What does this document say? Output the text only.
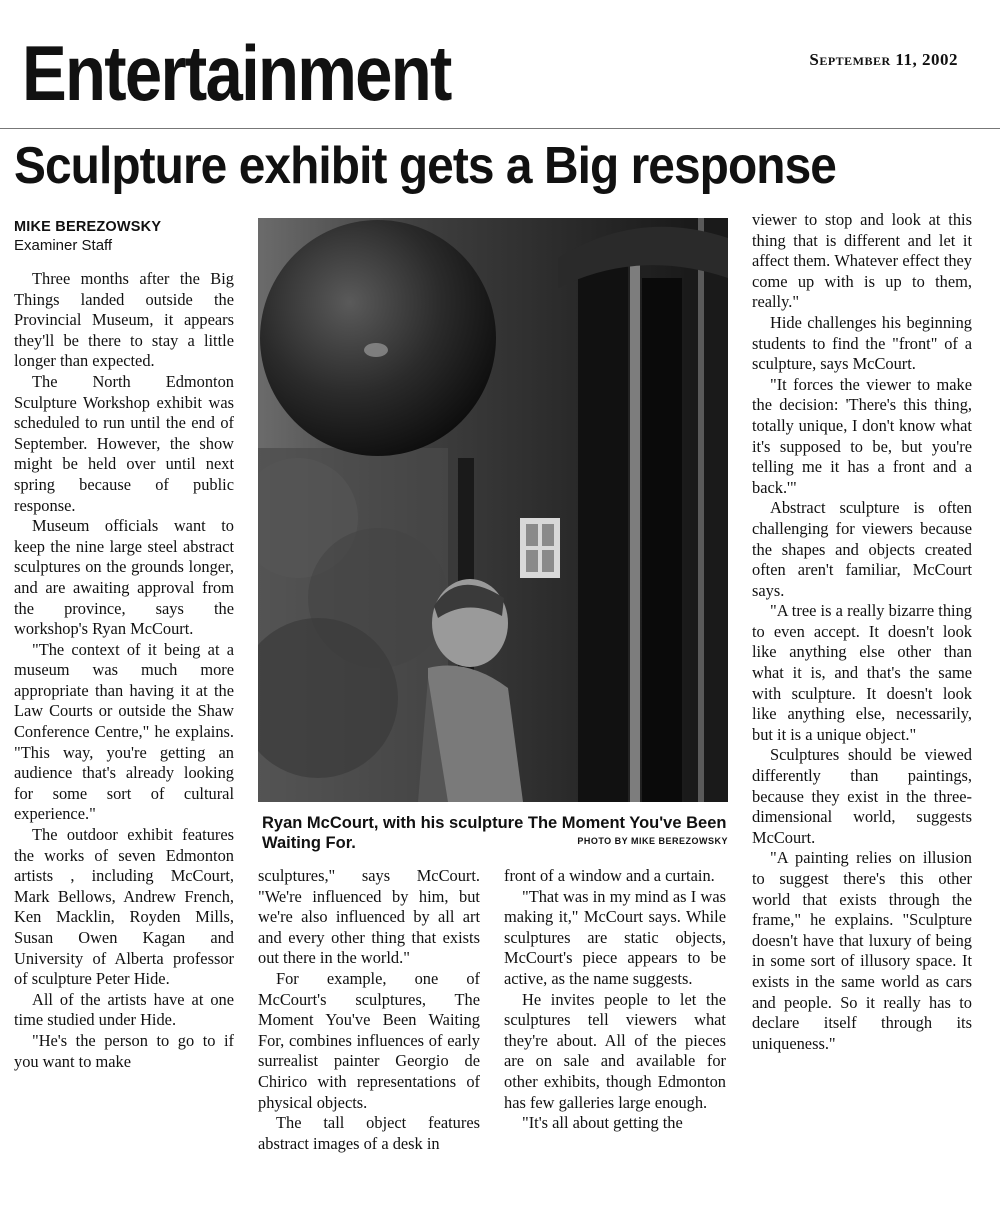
Entertainment	September 11, 2002
Sculpture exhibit gets a Big response
MIKE BEREZOWSKY
Examiner Staff

Three months after the Big Things landed outside the Provincial Museum, it appears they'll be there to stay a little longer than expected.

The North Edmonton Sculpture Workshop exhibit was scheduled to run until the end of September. However, the show might be held over until next spring because of public response.

Museum officials want to keep the nine large steel abstract sculptures on the grounds longer, and are awaiting approval from the province, says the workshop's Ryan McCourt.

"The context of it being at a museum was much more appropriate than having it at the Law Courts or outside the Shaw Conference Centre," he explains. "This way, you're getting an audience that's already looking for some sort of cultural experience."

The outdoor exhibit features the works of seven Edmonton artists , including McCourt, Mark Bellows, Andrew French, Ken Macklin, Royden Mills, Susan Owen Kagan and University of Alberta professor of sculpture Peter Hide.

All of the artists have at one time studied under Hide.

"He's the person to go to if you want to make

Ryan McCourt, with his sculpture The Moment You've Been Waiting For.	PHOTO BY MIKE BEREZOWSKY

sculptures," says McCourt. "We're influenced by him, but we're also influenced by all art and every other thing that exists out there in the world."

For example, one of McCourt's sculptures, The Moment You've Been Waiting For, combines influences of early surrealist painter Georgio de Chirico with representations of physical objects.

The tall object features abstract images of a desk in

front of a window and a curtain.

"That was in my mind as I was making it," McCourt says. While sculptures are static objects, McCourt's piece appears to be active, as the name suggests.

He invites people to let the sculptures tell viewers what they're about. All of the pieces are on sale and available for other exhibits, though Edmonton has few galleries large enough.

"It's all about getting the

viewer to stop and look at this thing that is different and let it affect them. Whatever effect they come up with is up to them, really."

Hide challenges his beginning students to find the "front" of a sculpture, says McCourt.

"It forces the viewer to make the decision: 'There's this thing, totally unique, I don't know what it's supposed to be, but you're telling me it has a front and a back.'"

Abstract sculpture is often challenging for viewers because the shapes and objects created often aren't familiar, McCourt says.

"A tree is a really bizarre thing to even accept. It doesn't look like anything else other than what it is, and that's the same with sculpture. It doesn't look like anything else, necessarily, but it is a unique object."

Sculptures should be viewed differently than paintings, because they exist in the three-dimensional world, suggests McCourt.

"A painting relies on illusion to suggest there's this other world that exists through the frame," he explains. "Sculpture doesn't have that luxury of being in some sort of illusory space. It exists in the same world as cars and people. So it really has to declare itself through its uniqueness."
